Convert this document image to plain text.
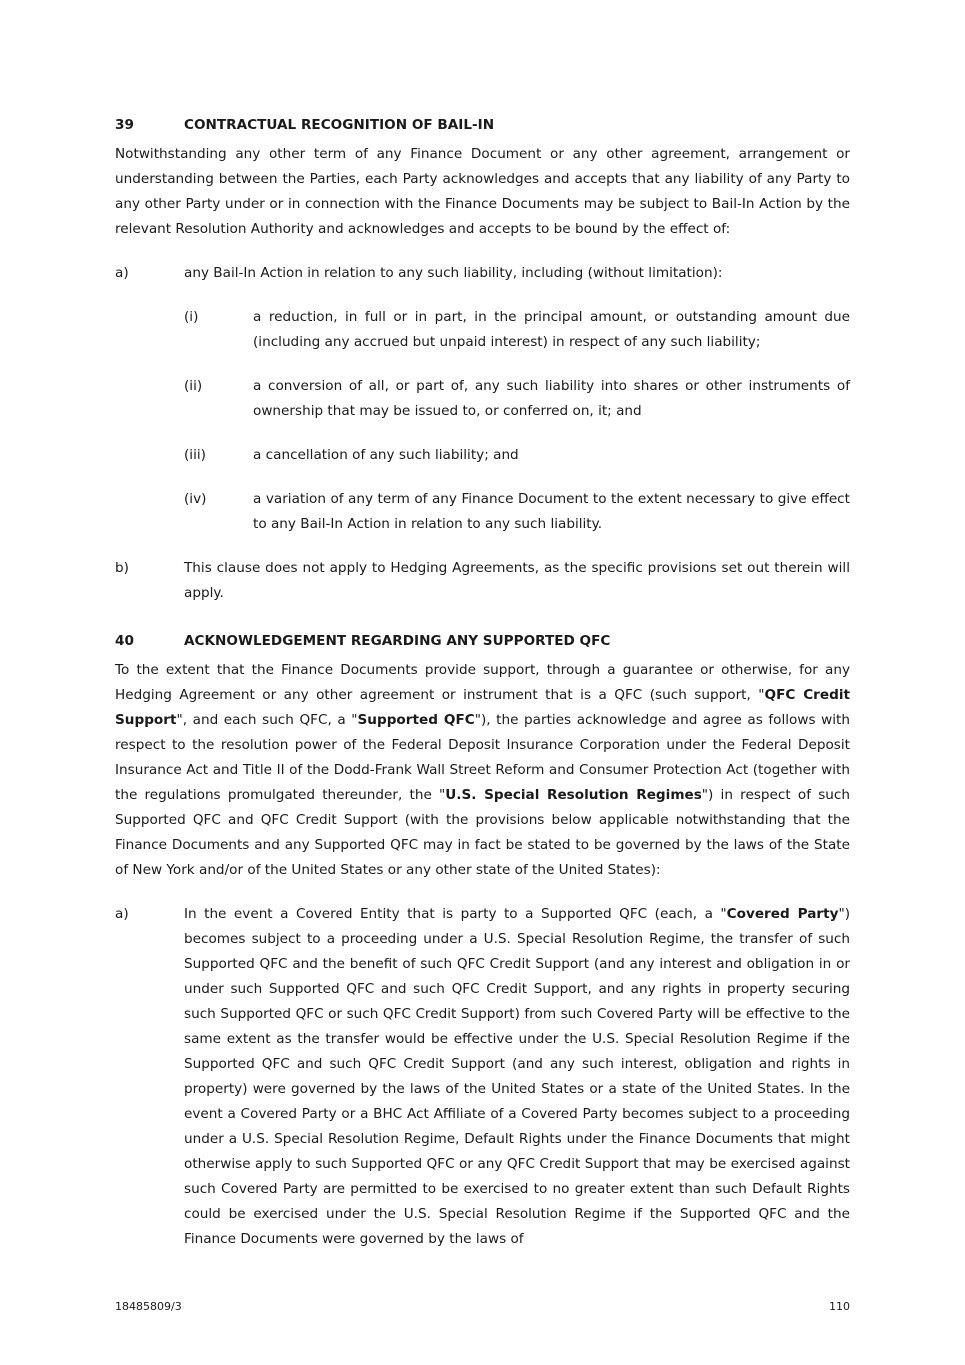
39	CONTRACTUAL RECOGNITION OF BAIL-IN

Notwithstanding any other term of any Finance Document or any other agreement, arrangement or understanding between the Parties, each Party acknowledges and accepts that any liability of any Party to any other Party under or in connection with the Finance Documents may be subject to Bail-In Action by the relevant Resolution Authority and acknowledges and accepts to be bound by the effect of:

a)	any Bail-In Action in relation to any such liability, including (without limitation):
(i)	a reduction, in full or in part, in the principal amount, or outstanding amount due (including any accrued but unpaid interest) in respect of any such liability;
(ii)	a conversion of all, or part of, any such liability into shares or other instruments of ownership that may be issued to, or conferred on, it; and
(iii)	a cancellation of any such liability; and
(iv)	a variation of any term of any Finance Document to the extent necessary to give effect to any Bail-In Action in relation to any such liability.
b)	This clause does not apply to Hedging Agreements, as the specific provisions set out therein will apply.
40	ACKNOWLEDGEMENT REGARDING ANY SUPPORTED QFC

To the extent that the Finance Documents provide support, through a guarantee or otherwise, for any Hedging Agreement or any other agreement or instrument that is a QFC (such support, "QFC Credit Support", and each such QFC, a "Supported QFC"), the parties acknowledge and agree as follows with respect to the resolution power of the Federal Deposit Insurance Corporation under the Federal Deposit Insurance Act and Title II of the Dodd-Frank Wall Street Reform and Consumer Protection Act (together with the regulations promulgated thereunder, the "U.S. Special Resolution Regimes") in respect of such Supported QFC and QFC Credit Support (with the provisions below applicable notwithstanding that the Finance Documents and any Supported QFC may in fact be stated to be governed by the laws of the State of New York and/or of the United States or any other state of the United States):

a)	In the event a Covered Entity that is party to a Supported QFC (each, a "Covered Party") becomes subject to a proceeding under a U.S. Special Resolution Regime, the transfer of such Supported QFC and the benefit of such QFC Credit Support (and any interest and obligation in or under such Supported QFC and such QFC Credit Support, and any rights in property securing such Supported QFC or such QFC Credit Support) from such Covered Party will be effective to the same extent as the transfer would be effective under the U.S. Special Resolution Regime if the Supported QFC and such QFC Credit Support (and any such interest, obligation and rights in property) were governed by the laws of the United States or a state of the United States. In the event a Covered Party or a BHC Act Affiliate of a Covered Party becomes subject to a proceeding under a U.S. Special Resolution Regime, Default Rights under the Finance Documents that might otherwise apply to such Supported QFC or any QFC Credit Support that may be exercised against such Covered Party are permitted to be exercised to no greater extent than such Default Rights could be exercised under the U.S. Special Resolution Regime if the Supported QFC and the Finance Documents were governed by the laws of
18485809/3	110
